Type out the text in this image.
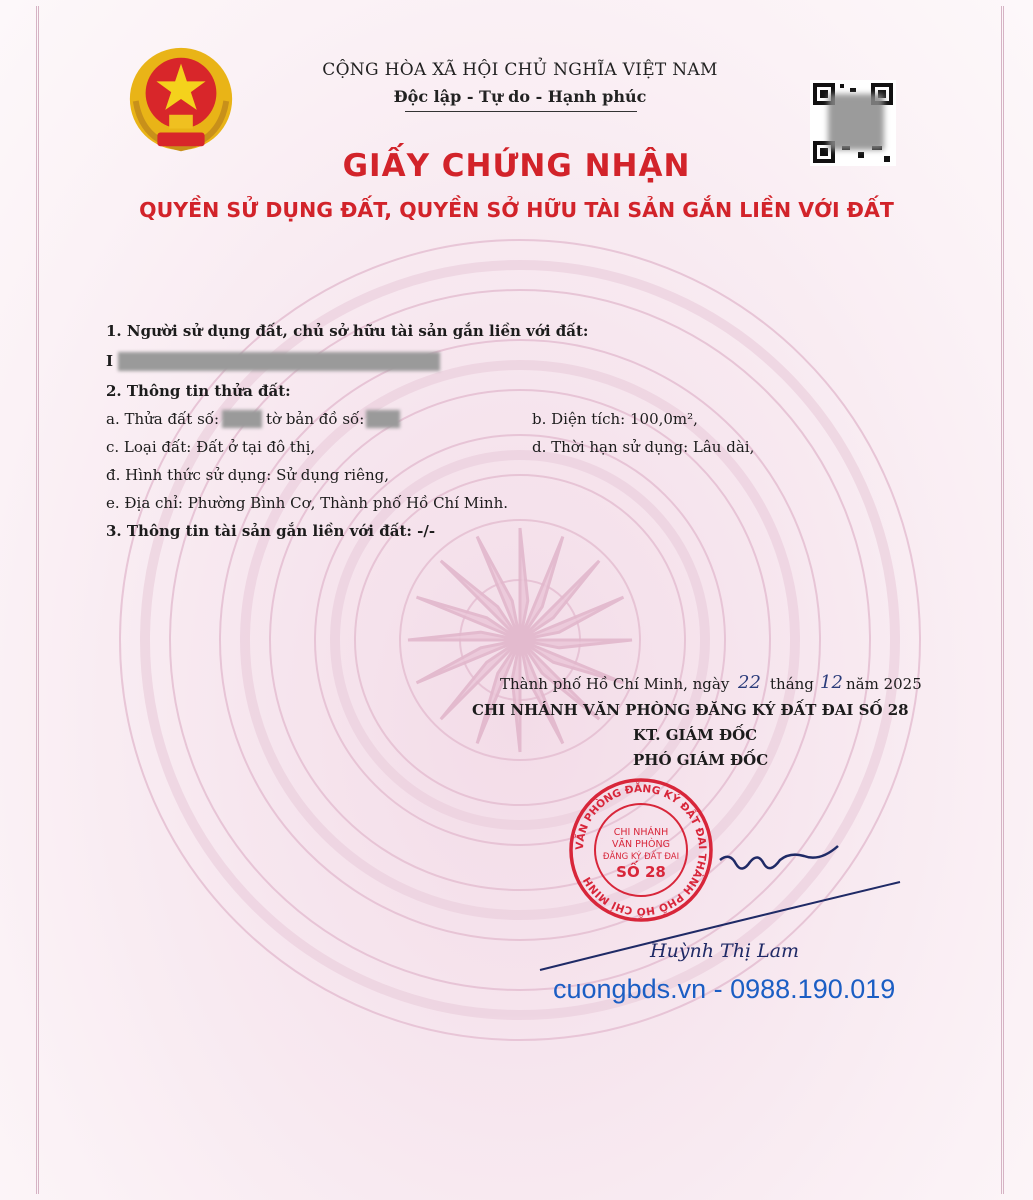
CỘNG HÒA XÃ HỘI CHỦ NGHĨA VIỆT NAM
Độc lập - Tự do - Hạnh phúc
GIẤY CHỨNG NHẬN
QUYỀN SỬ DỤNG ĐẤT, QUYỀN SỞ HỮU TÀI SẢN GẮN LIỀN VỚI ĐẤT
1. Người sử dụng đất, chủ sở hữu tài sản gắn liền với đất:
I
2. Thông tin thửa đất:
a. Thửa đất số:	tờ bản đồ số:	b. Diện tích: 100,0m²,
c. Loại đất: Đất ở tại đô thị,	d. Thời hạn sử dụng: Lâu dài,
đ. Hình thức sử dụng: Sử dụng riêng,
e. Địa chỉ: Phường Bình Cơ, Thành phố Hồ Chí Minh.
3. Thông tin tài sản gắn liền với đất: -/-
Thành phố Hồ Chí Minh, ngày 22 tháng 12 năm 2025
CHI NHÁNH VĂN PHÒNG ĐĂNG KÝ ĐẤT ĐAI SỐ 28
KT. GIÁM ĐỐC
PHÓ GIÁM ĐỐC
VĂN PHÒNG ĐĂNG KÝ ĐẤT ĐAI THÀNH PHỐ HỒ CHÍ MINH
CHI NHÁNH
VĂN PHÒNG
ĐĂNG KÝ ĐẤT ĐAI
SỐ 28
Huỳnh Thị Lam
cuongbds.vn - 0988.190.019
